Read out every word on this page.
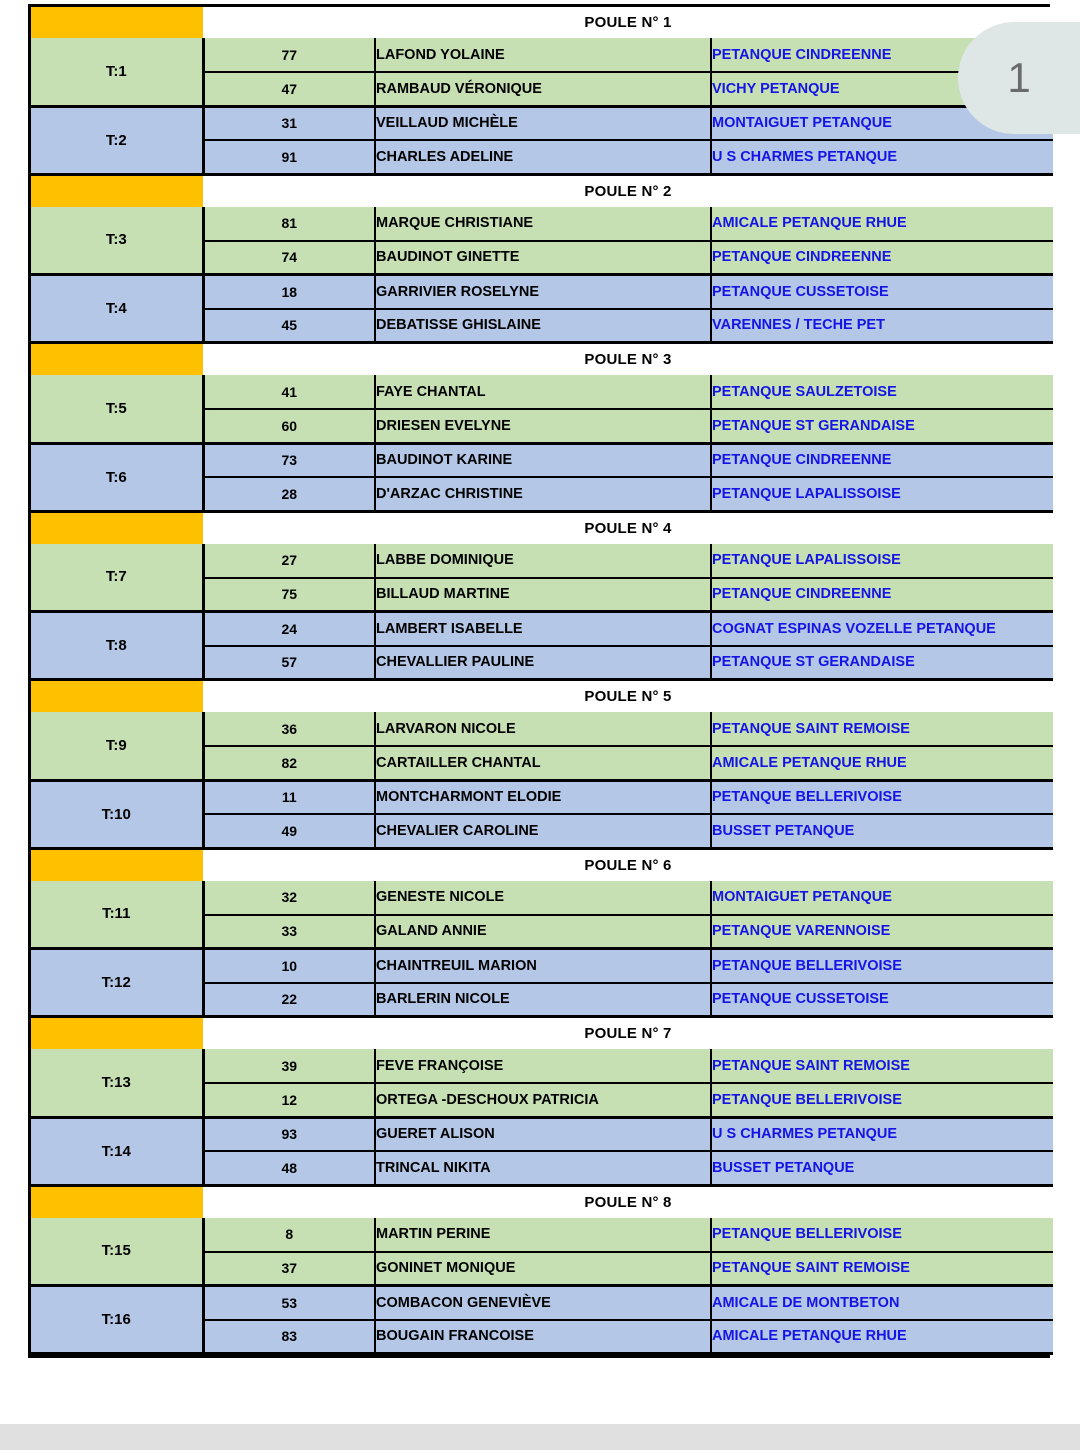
	POULE N° 1		
T:1	77	LAFOND YOLAINE	PETANQUE CINDREENNE
	47	RAMBAUD VÉRONIQUE	VICHY PETANQUE
T:2	31	VEILLAUD MICHÈLE	MONTAIGUET PETANQUE
	91	CHARLES ADELINE	U S CHARMES PETANQUE
	POULE N° 2		
T:3	81	MARQUE CHRISTIANE	AMICALE PETANQUE RHUE
	74	BAUDINOT GINETTE	PETANQUE CINDREENNE
T:4	18	GARRIVIER ROSELYNE	PETANQUE CUSSETOISE
	45	DEBATISSE GHISLAINE	VARENNES / TECHE PET
	POULE N° 3		
T:5	41	FAYE CHANTAL	PETANQUE SAULZETOISE
	60	DRIESEN EVELYNE	PETANQUE ST GERANDAISE
T:6	73	BAUDINOT KARINE	PETANQUE CINDREENNE
	28	D'ARZAC CHRISTINE	PETANQUE LAPALISSOISE
	POULE N° 4		
T:7	27	LABBE DOMINIQUE	PETANQUE LAPALISSOISE
	75	BILLAUD MARTINE	PETANQUE CINDREENNE
T:8	24	LAMBERT ISABELLE	COGNAT ESPINAS VOZELLE PETANQUE
	57	CHEVALLIER PAULINE	PETANQUE ST GERANDAISE
	POULE N° 5		
T:9	36	LARVARON NICOLE	PETANQUE SAINT REMOISE
	82	CARTAILLER CHANTAL	AMICALE PETANQUE RHUE
T:10	11	MONTCHARMONT ELODIE	PETANQUE BELLERIVOISE
	49	CHEVALIER CAROLINE	BUSSET PETANQUE
	POULE N° 6		
T:11	32	GENESTE NICOLE	MONTAIGUET PETANQUE
	33	GALAND ANNIE	PETANQUE VARENNOISE
T:12	10	CHAINTREUIL MARION	PETANQUE BELLERIVOISE
	22	BARLERIN NICOLE	PETANQUE CUSSETOISE
	POULE N° 7		
T:13	39	FEVE FRANÇOISE	PETANQUE SAINT REMOISE
	12	ORTEGA -DESCHOUX PATRICIA	PETANQUE BELLERIVOISE
T:14	93	GUERET ALISON	U S CHARMES PETANQUE
	48	TRINCAL NIKITA	BUSSET PETANQUE
	POULE N° 8		
T:15	8	MARTIN PERINE	PETANQUE BELLERIVOISE
	37	GONINET MONIQUE	PETANQUE SAINT REMOISE
T:16	53	COMBACON GENEVIÈVE	AMICALE DE MONTBETON
	83	BOUGAIN FRANCOISE	AMICALE PETANQUE RHUE
1
